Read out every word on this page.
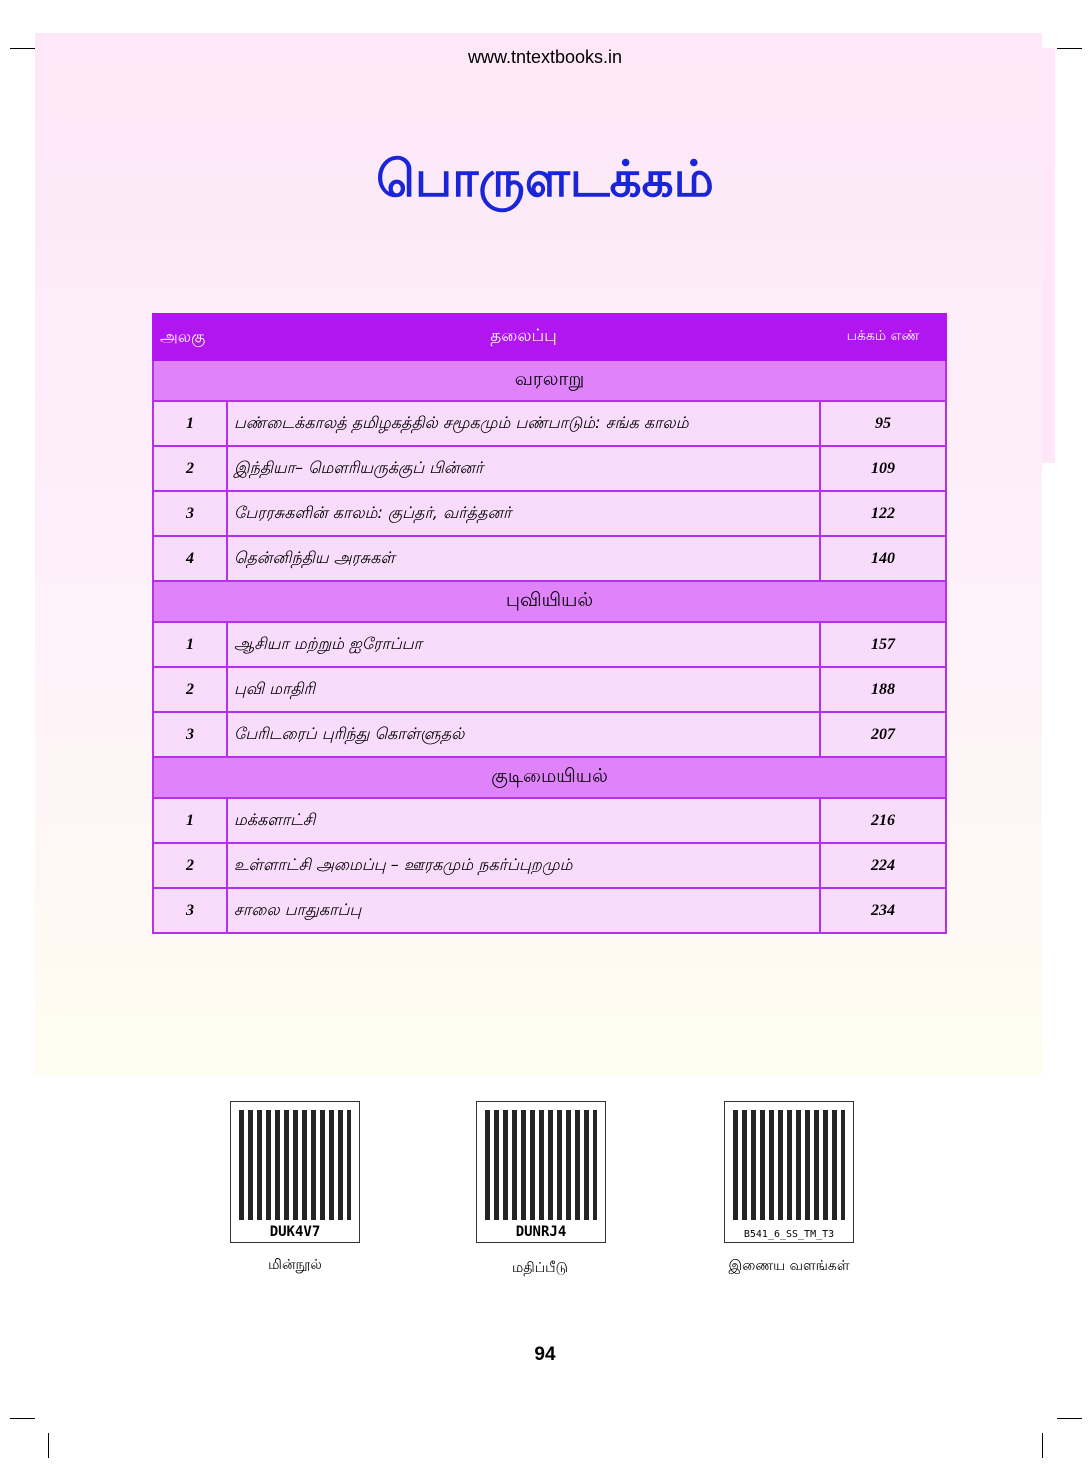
www.tntextbooks.in
பொருளடக்கம்
அலகு	தலைப்பு	பக்கம் எண்
வரலாறு		
1	பண்டைக்காலத் தமிழகத்தில் சமூகமும் பண்பாடும்: சங்க காலம்	95
2	இந்தியா– மௌரியருக்குப் பின்னர்	109
3	பேரரசுகளின் காலம்: குப்தர், வர்த்தனர்	122
4	தென்னிந்திய அரசுகள்	140
புவியியல்		
1	ஆசியா மற்றும் ஐரோப்பா	157
2	புவி மாதிரி	188
3	பேரிடரைப் புரிந்து கொள்ளுதல்	207
குடிமையியல்		
1	மக்களாட்சி	216
2	உள்ளாட்சி அமைப்பு – ஊரகமும் நகர்ப்புறமும்	224
3	சாலை பாதுகாப்பு	234
DUK4V7	DUNRJ4	B541_6_SS_TM_T3
மின்நூல்	மதிப்பீடு	இணைய வளங்கள்
94
